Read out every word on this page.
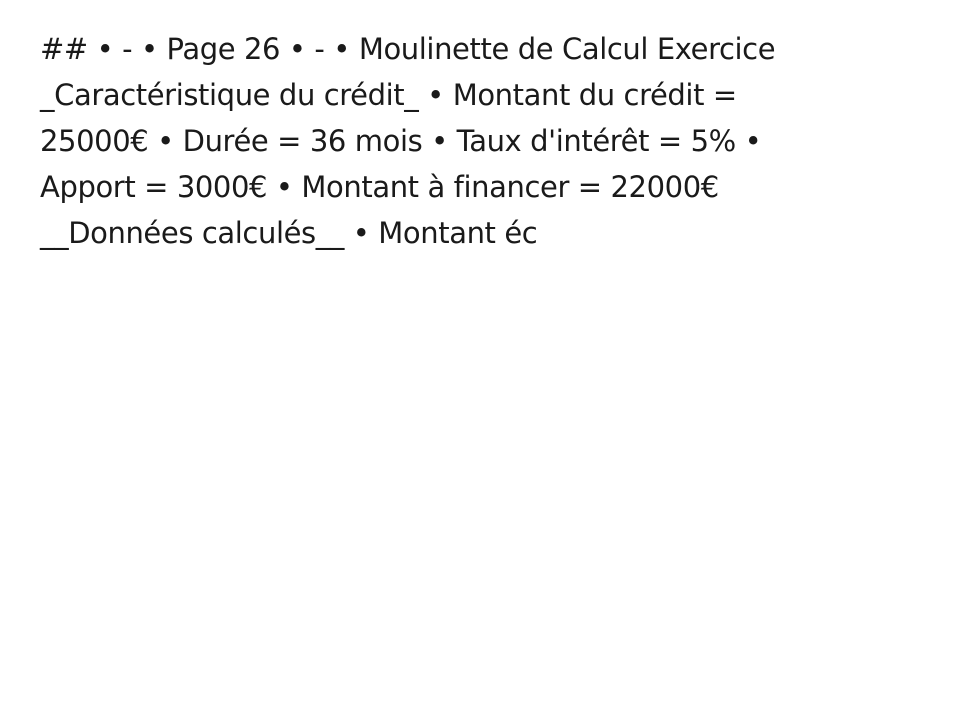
## • - • Page 26 • - • Moulinette de Calcul Exercice
_Caractéristique du crédit_ • Montant du crédit =
25000€ • Durée = 36 mois • Taux d'intérêt = 5% •
Apport = 3000€ • Montant à financer = 22000€
__Données calculés__ • Montant éc
